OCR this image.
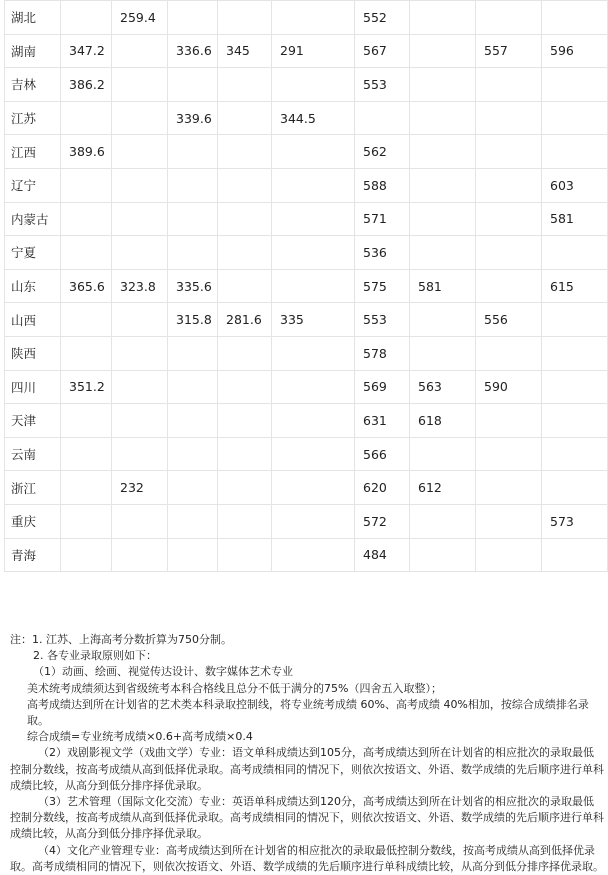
湖北		259.4				552			
湖南	347.2		336.6	345	291	567		557	596
吉林	386.2					553			
江苏			339.6		344.5				
江西	389.6					562			
辽宁						588			603
内蒙古						571			581
宁夏						536			
山东	365.6	323.8	335.6			575	581		615
山西			315.8	281.6	335	553		556	
陕西						578			
四川	351.2					569	563	590	
天津						631	618		
云南						566			
浙江		232				620	612		
重庆						572			573
青海						484			

注：1. 江苏、上海高考分数折算为750分制。

2. 各专业录取原则如下：

（1）动画、绘画、视觉传达设计、数字媒体艺术专业

美术统考成绩须达到省级统考本科合格线且总分不低于满分的75%（四舍五入取整）；

高考成绩达到所在计划省的艺术类本科录取控制线，将专业统考成绩 60%、高考成绩 40%相加，按综合成绩排名录取。

综合成绩=专业统考成绩×0.6+高考成绩×0.4

（2）戏剧影视文学（戏曲文学）专业：语文单科成绩达到105分，高考成绩达到所在计划省的相应批次的录取最低控制分数线，按高考成绩从高到低择优录取。高考成绩相同的情况下，则依次按语文、外语、数学成绩的先后顺序进行单科成绩比较，从高分到低分排序择优录取。

（3）艺术管理（国际文化交流）专业：英语单科成绩达到120分，高考成绩达到所在计划省的相应批次的录取最低控制分数线，按高考成绩从高到低择优录取。高考成绩相同的情况下，则依次按语文、外语、数学成绩的先后顺序进行单科成绩比较，从高分到低分排序择优录取。

（4）文化产业管理专业：高考成绩达到所在计划省的相应批次的录取最低控制分数线，按高考成绩从高到低择优录取。高考成绩相同的情况下，则依次按语文、外语、数学成绩的先后顺序进行单科成绩比较，从高分到低分排序择优录取。
